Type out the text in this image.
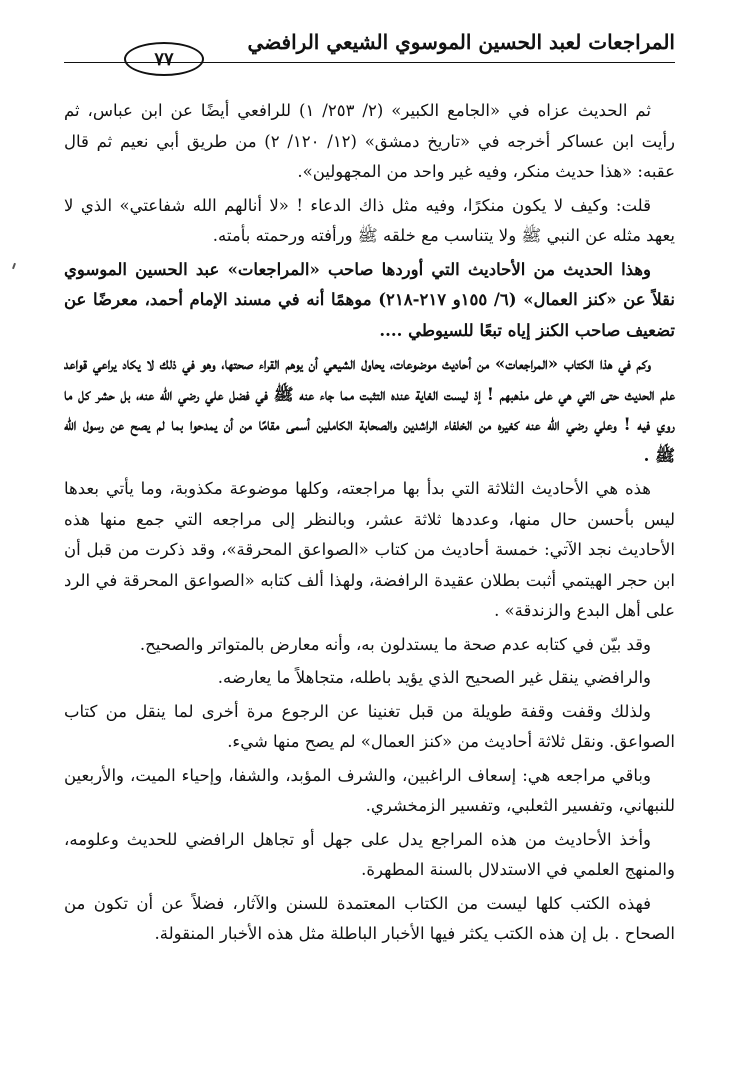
المراجعات لعبد الحسين الموسوي الشيعي الرافضي
٧٧

ثم الحديث عزاه في «الجامع الكبير» (٢/ ٢٥٣/ ١) للرافعي أيضًا عن ابن عباس، ثم رأيت ابن عساكر أخرجه في «تاريخ دمشق» (١٢/ ١٢٠/ ٢) من طريق أبي نعيم ثم قال عقبه: «هذا حديث منكر، وفيه غير واحد من المجهولين».

قلت: وكيف لا يكون منكرًا، وفيه مثل ذاك الدعاء ! «لا أنالهم الله شفاعتي» الذي لا يعهد مثله عن النبي ﷺ ولا يتناسب مع خلقه ﷺ ورأفته ورحمته بأمته.

وهذا الحديث من الأحاديث التي أوردها صاحب «المراجعات» عبد الحسين الموسوي نقلاً عن «كنز العمال» (٦/ ١٥٥و ٢١٧-٢١٨) موهمًا أنه في مسند الإمام أحمد، معرضًا عن تضعيف صاحب الكنز إياه تبعًا للسيوطي ....

وكم في هذا الكتاب «المراجعات» من أحاديث موضوعات، يحاول الشيعي أن يوهم القراء صحتها، وهو في ذلك لا يكاد يراعي قواعد علم الحديث حتى التي هي على مذهبهم ! إذ ليست الغاية عنده التثبت مما جاء عنه ﷺ في فضل علي رضي الله عنه، بل حشر كل ما روي فيه ! وعلي رضي الله عنه كغيره من الخلفاء الراشدين والصحابة الكاملين أسمى مقامًا من أن يمدحوا بما لم يصح عن رسول الله ﷺ .

هذه هي الأحاديث الثلاثة التي بدأ بها مراجعته، وكلها موضوعة مكذوبة، وما يأتي بعدها ليس بأحسن حال منها، وعددها ثلاثة عشر، وبالنظر إلى مراجعه التي جمع منها هذه الأحاديث نجد الآتي: خمسة أحاديث من كتاب «الصواعق المحرقة»، وقد ذكرت من قبل أن ابن حجر الهيتمي أثبت بطلان عقيدة الرافضة، ولهذا ألف كتابه «الصواعق المحرقة في الرد على أهل البدع والزندقة» .

وقد بيّن في كتابه عدم صحة ما يستدلون به، وأنه معارض بالمتواتر والصحيح.

والرافضي ينقل غير الصحيح الذي يؤيد باطله، متجاهلاً ما يعارضه.

ولذلك وقفت وقفة طويلة من قبل تغنينا عن الرجوع مرة أخرى لما ينقل من كتاب الصواعق. ونقل ثلاثة أحاديث من «كنز العمال» لم يصح منها شيء.

وباقي مراجعه هي: إسعاف الراغبين، والشرف المؤبد، والشفا، وإحياء الميت، والأربعين للنبهاني، وتفسير الثعلبي، وتفسير الزمخشري.

وأخذ الأحاديث من هذه المراجع يدل على جهل أو تجاهل الرافضي للحديث وعلومه، والمنهج العلمي في الاستدلال بالسنة المطهرة.

فهذه الكتب كلها ليست من الكتاب المعتمدة للسنن والآثار، فضلاً عن أن تكون من الصحاح . بل إن هذه الكتب يكثر فيها الأخبار الباطلة مثل هذه الأخبار المنقولة.
